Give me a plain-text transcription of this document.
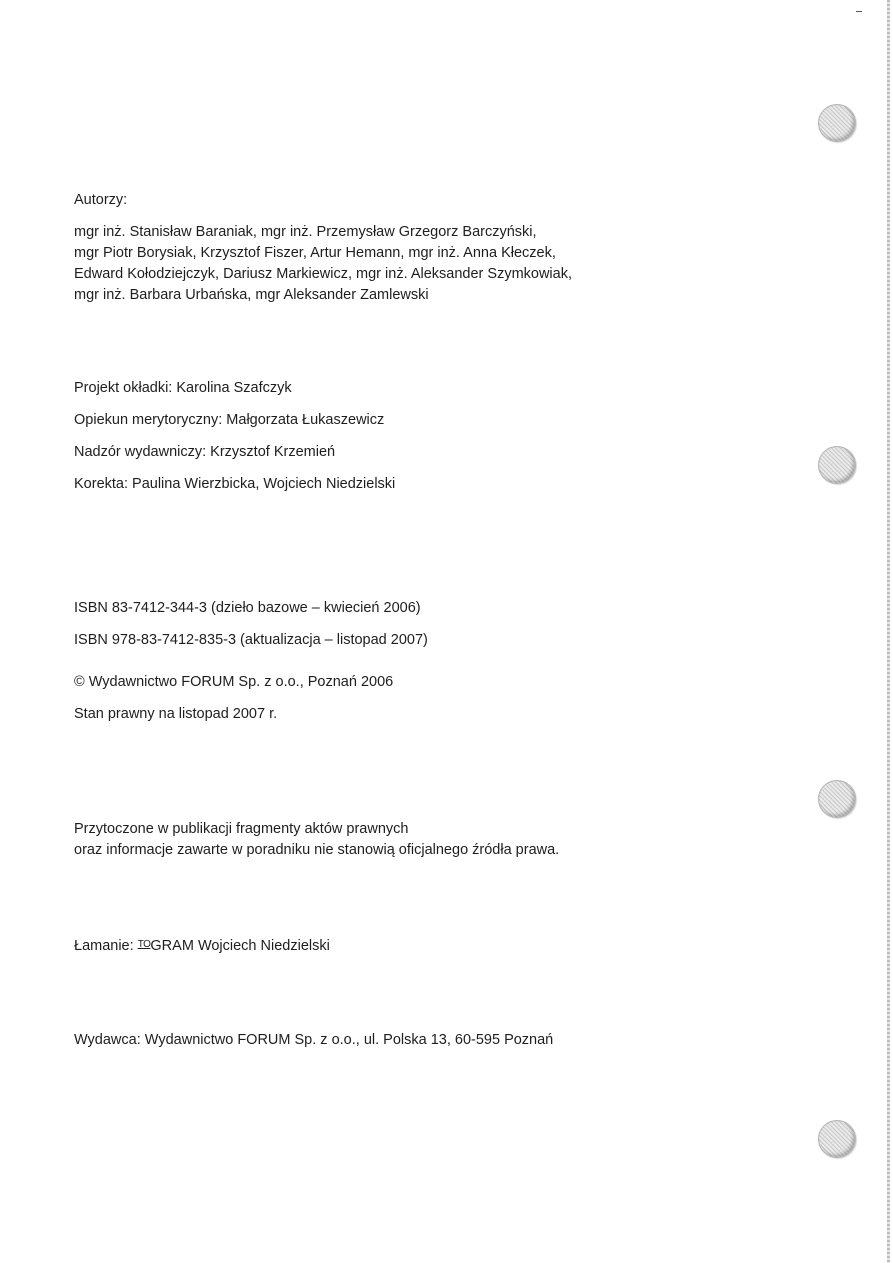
Autorzy:
mgr inż. Stanisław Baraniak, mgr inż. Przemysław Grzegorz Barczyński,
mgr Piotr Borysiak, Krzysztof Fiszer, Artur Hemann, mgr inż. Anna Kłeczek,
Edward Kołodziejczyk, Dariusz Markiewicz, mgr inż. Aleksander Szymkowiak,
mgr inż. Barbara Urbańska, mgr Aleksander Zamlewski
Projekt okładki: Karolina Szafczyk
Opiekun merytoryczny: Małgorzata Łukaszewicz
Nadzór wydawniczy: Krzysztof Krzemień
Korekta: Paulina Wierzbicka, Wojciech Niedzielski
ISBN 83-7412-344-3 (dzieło bazowe – kwiecień 2006)
ISBN 978-83-7412-835-3 (aktualizacja – listopad 2007)
© Wydawnictwo FORUM Sp. z o.o., Poznań 2006
Stan prawny na listopad 2007 r.
Przytoczone w publikacji fragmenty aktów prawnych
oraz informacje zawarte w poradniku nie stanowią oficjalnego źródła prawa.
Łamanie: $^{TO}$GRAM Wojciech Niedzielski
Wydawca: Wydawnictwo FORUM Sp. z o.o., ul. Polska 13, 60-595 Poznań
